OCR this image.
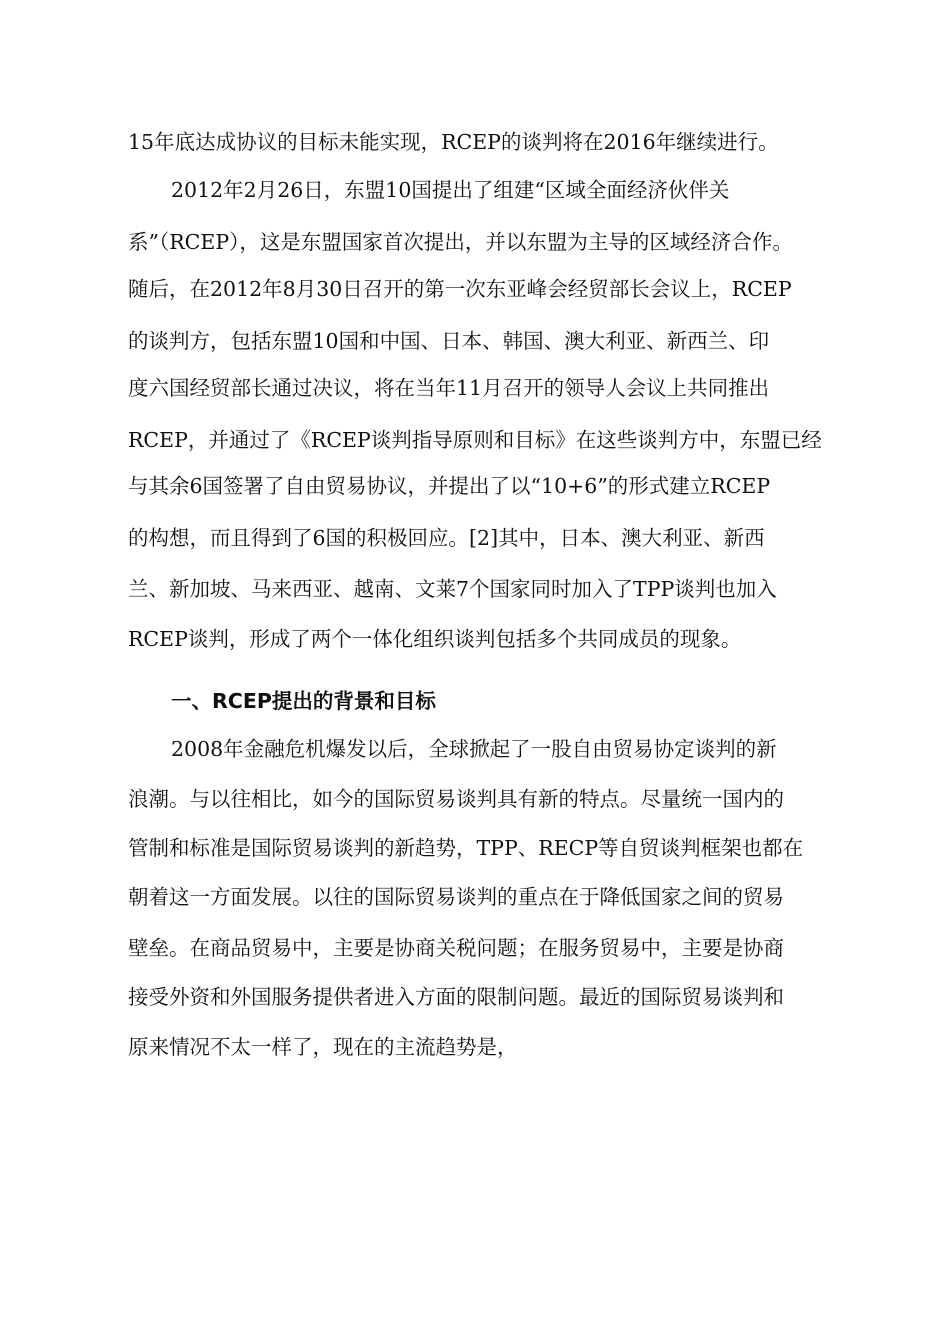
15年底达成协议的目标未能实现，RCEP的谈判将在2016年继续进行。
2012年2月26日，东盟10国提出了组建“区域全面经济伙伴关
系”（RCEP），这是东盟国家首次提出，并以东盟为主导的区域经济合作。
随后，在2012年8月30日召开的第一次东亚峰会经贸部长会议上，RCEP
的谈判方，包括东盟10国和中国、日本、韩国、澳大利亚、新西兰、印
度六国经贸部长通过决议，将在当年11月召开的领导人会议上共同推出
RCEP，并通过了《RCEP谈判指导原则和目标》在这些谈判方中，东盟已经
与其余6国签署了自由贸易协议，并提出了以“10+6”的形式建立RCEP
的构想，而且得到了6国的积极回应。[2]其中，日本、澳大利亚、新西
兰、新加坡、马来西亚、越南、文莱7个国家同时加入了TPP谈判也加入
RCEP谈判，形成了两个一体化组织谈判包括多个共同成员的现象。
一、RCEP提出的背景和目标
2008年金融危机爆发以后，全球掀起了一股自由贸易协定谈判的新
浪潮。与以往相比，如今的国际贸易谈判具有新的特点。尽量统一国内的
管制和标准是国际贸易谈判的新趋势，TPP、RECP等自贸谈判框架也都在
朝着这一方面发展。以往的国际贸易谈判的重点在于降低国家之间的贸易
壁垒。在商品贸易中，主要是协商关税问题；在服务贸易中，主要是协商
接受外资和外国服务提供者进入方面的限制问题。最近的国际贸易谈判和
原来情况不太一样了，现在的主流趋势是，
